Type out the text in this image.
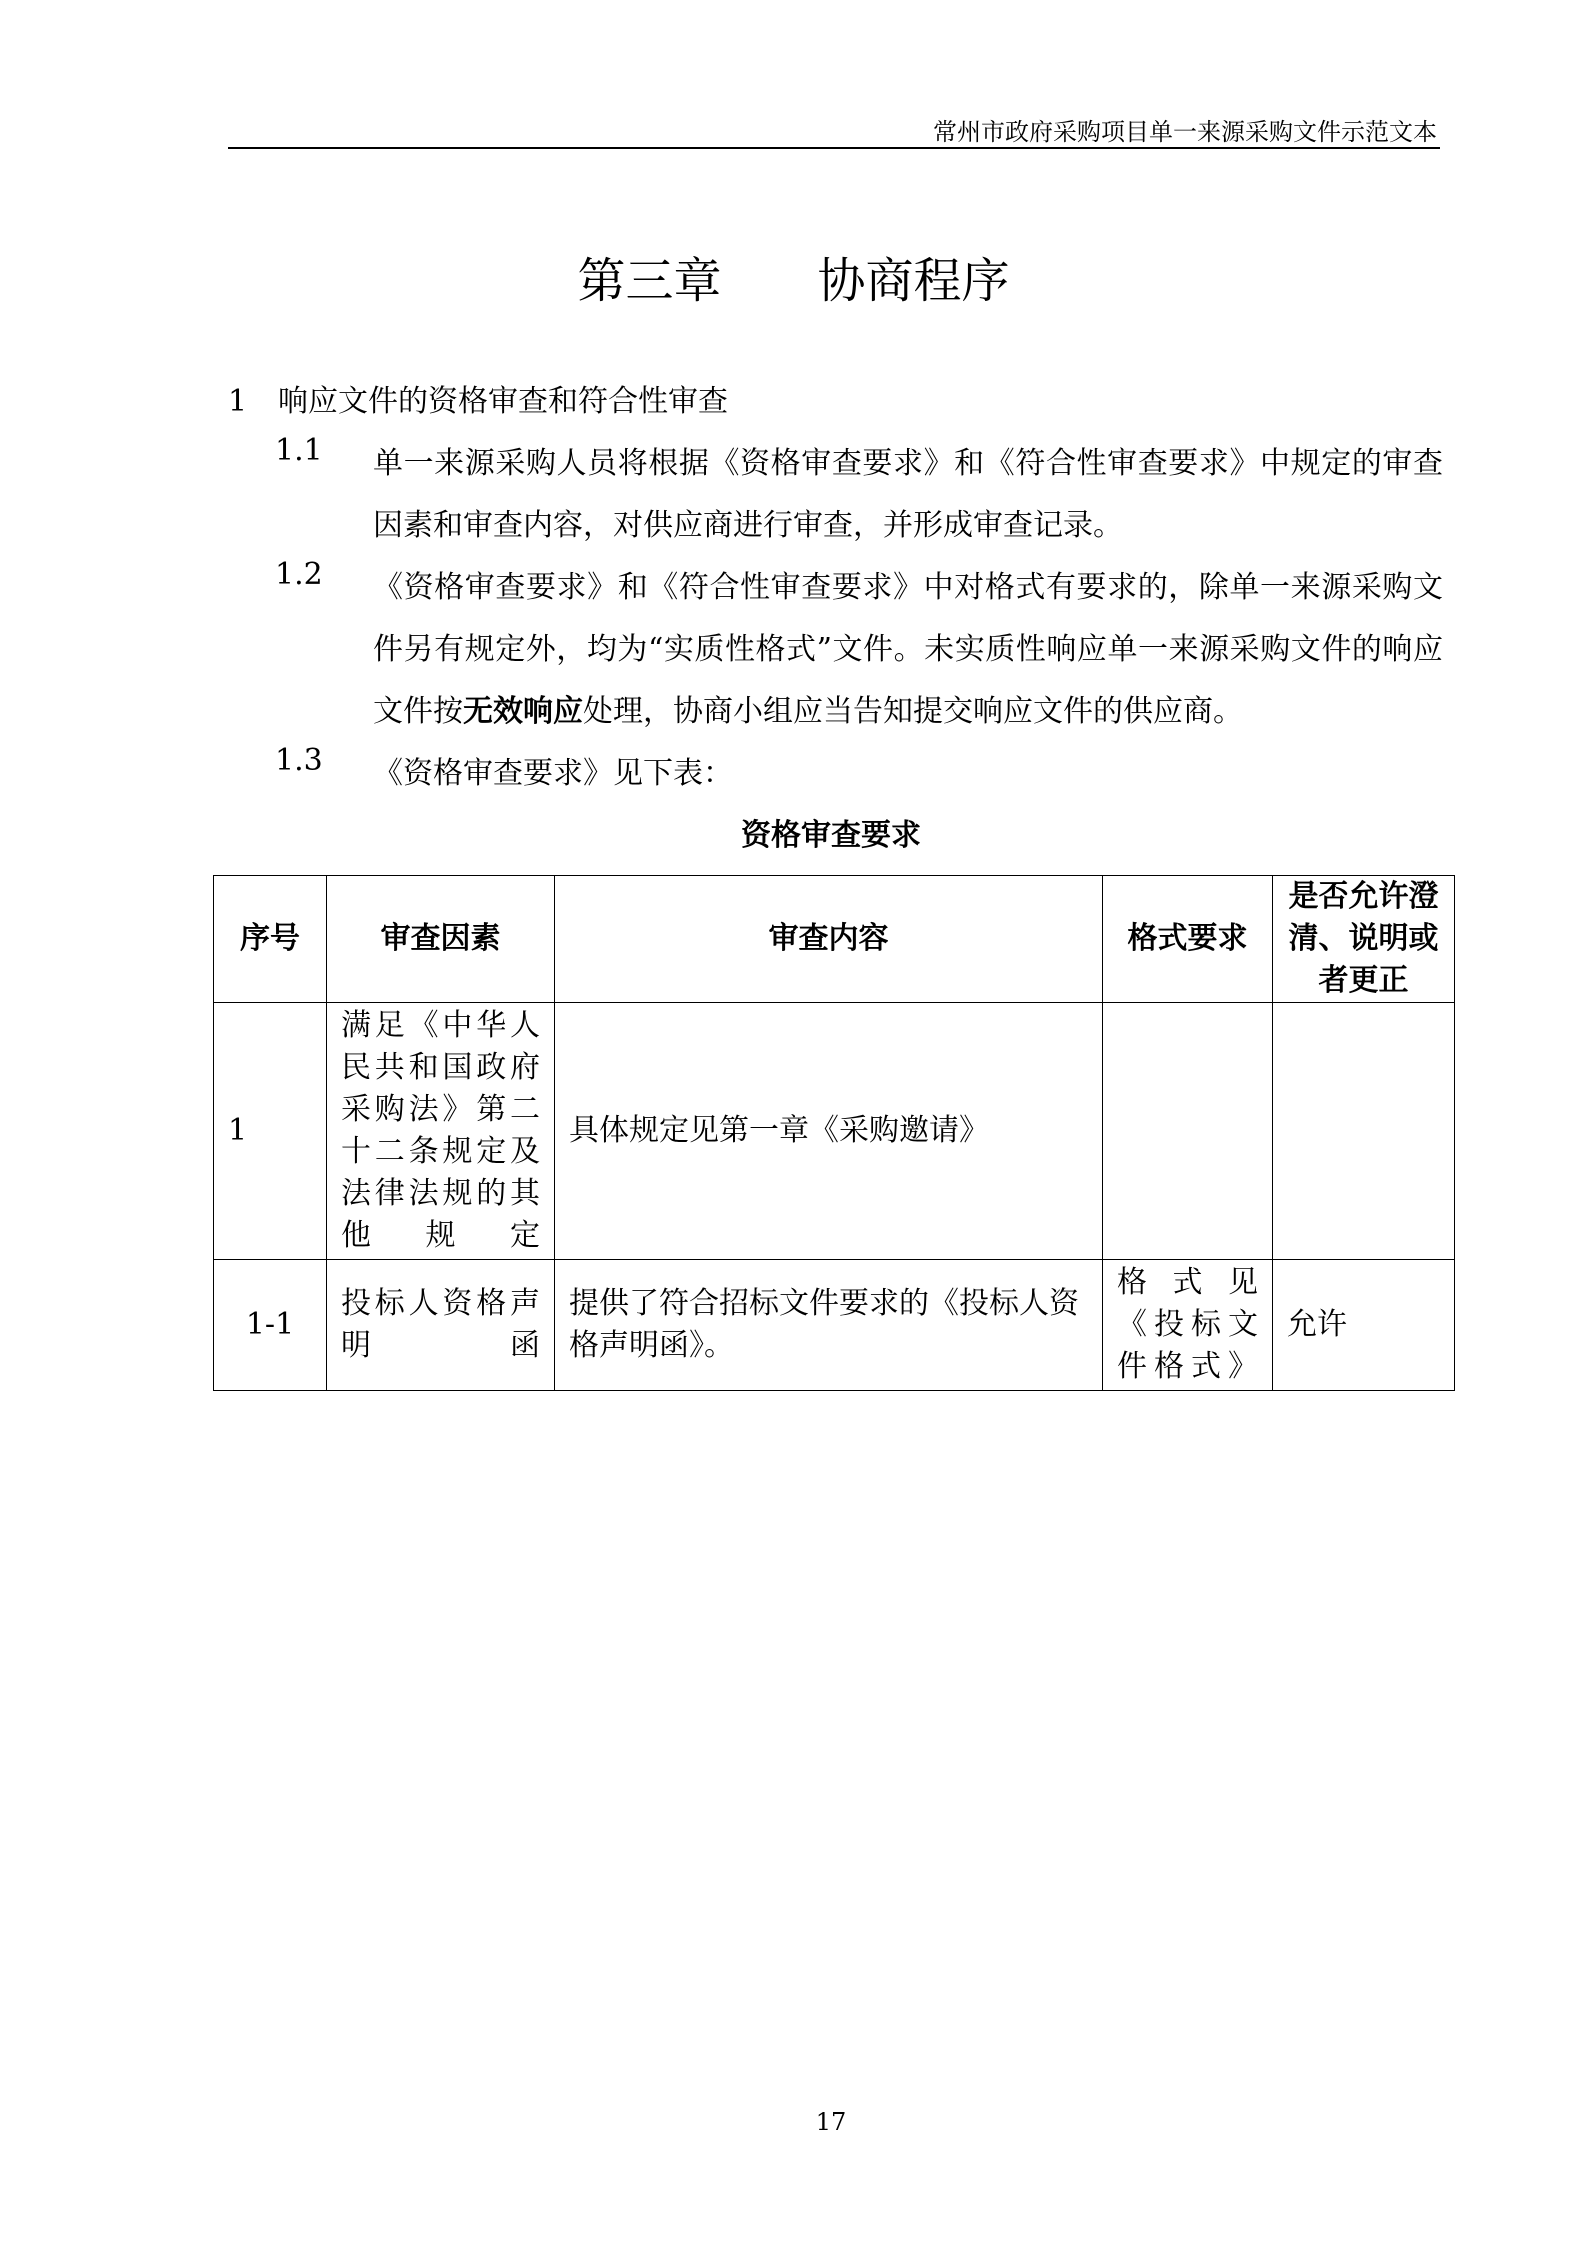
常州市政府采购项目单一来源采购文件示范文本
第三章　　协商程序
1 响应文件的资格审查和符合性审查
1.1 单一来源采购人员将根据《资格审查要求》和《符合性审查要求》中规定的审查因素和审查内容，对供应商进行审查，并形成审查记录。
1.2 《资格审查要求》和《符合性审查要求》中对格式有要求的，除单一来源采购文件另有规定外，均为“实质性格式”文件。未实质性响应单一来源采购文件的响应文件按无效响应处理，协商小组应当告知提交响应文件的供应商。
1.3 《资格审查要求》见下表：
资格审查要求
序号	审查因素	审查内容	格式要求	是否允许澄清、说明或者更正
1	满足《中华人民共和国政府采购法》第二十二条规定及法律法规的其他规定	具体规定见第一章《采购邀请》		
1-1	投标人资格声明函	提供了符合招标文件要求的《投标人资格声明函》。	格式见《投标文件格式》	允许
17
